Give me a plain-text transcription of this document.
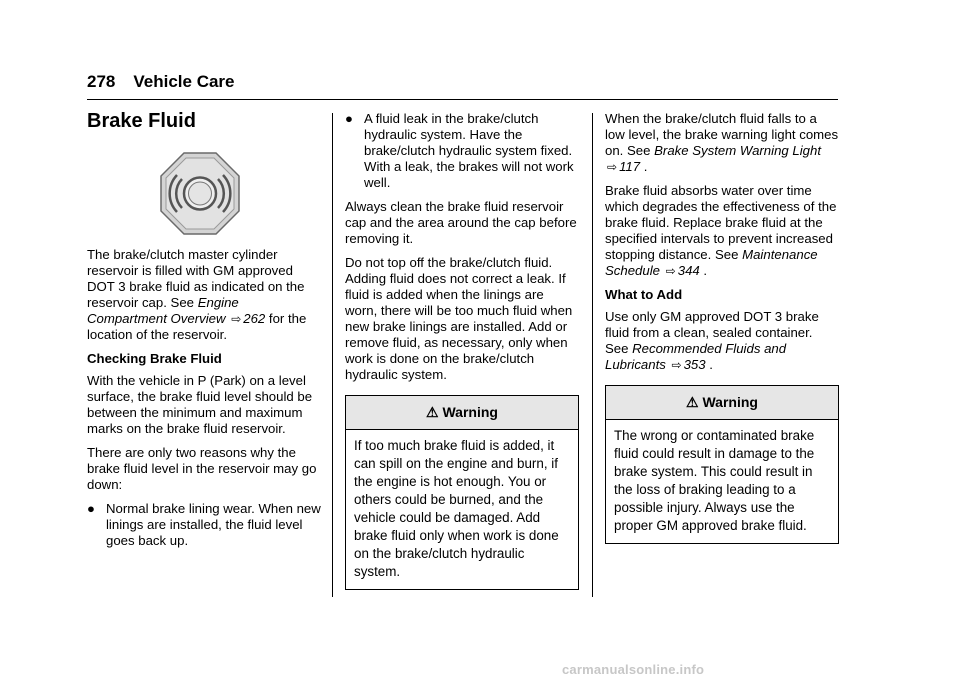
278 Vehicle Care
Brake Fluid

The brake/clutch master cylinder reservoir is filled with GM approved DOT 3 brake fluid as indicated on the reservoir cap. See Engine Compartment Overview ⇨ 262 for the location of the reservoir.

Checking Brake Fluid

With the vehicle in P (Park) on a level surface, the brake fluid level should be between the minimum and maximum marks on the brake fluid reservoir.

There are only two reasons why the brake fluid level in the reservoir may go down:

● Normal brake lining wear. When new linings are installed, the fluid level goes back up.
● A fluid leak in the brake/clutch hydraulic system. Have the brake/clutch hydraulic system fixed. With a leak, the brakes will not work well.

Always clean the brake fluid reservoir cap and the area around the cap before removing it.

Do not top off the brake/clutch fluid. Adding fluid does not correct a leak. If fluid is added when the linings are worn, there will be too much fluid when new brake linings are installed. Add or remove fluid, as necessary, only when work is done on the brake/clutch hydraulic system.

⚠ Warning
If too much brake fluid is added, it can spill on the engine and burn, if the engine is hot enough. You or others could be burned, and the vehicle could be damaged. Add brake fluid only when work is done on the brake/clutch hydraulic system.

When the brake/clutch fluid falls to a low level, the brake warning light comes on. See Brake System Warning Light ⇨ 117 .

Brake fluid absorbs water over time which degrades the effectiveness of the brake fluid. Replace brake fluid at the specified intervals to prevent increased stopping distance. See Maintenance Schedule ⇨ 344 .

What to Add

Use only GM approved DOT 3 brake fluid from a clean, sealed container. See Recommended Fluids and Lubricants ⇨ 353 .

⚠ Warning
The wrong or contaminated brake fluid could result in damage to the brake system. This could result in the loss of braking leading to a possible injury. Always use the proper GM approved brake fluid.
carmanualsonline.info
